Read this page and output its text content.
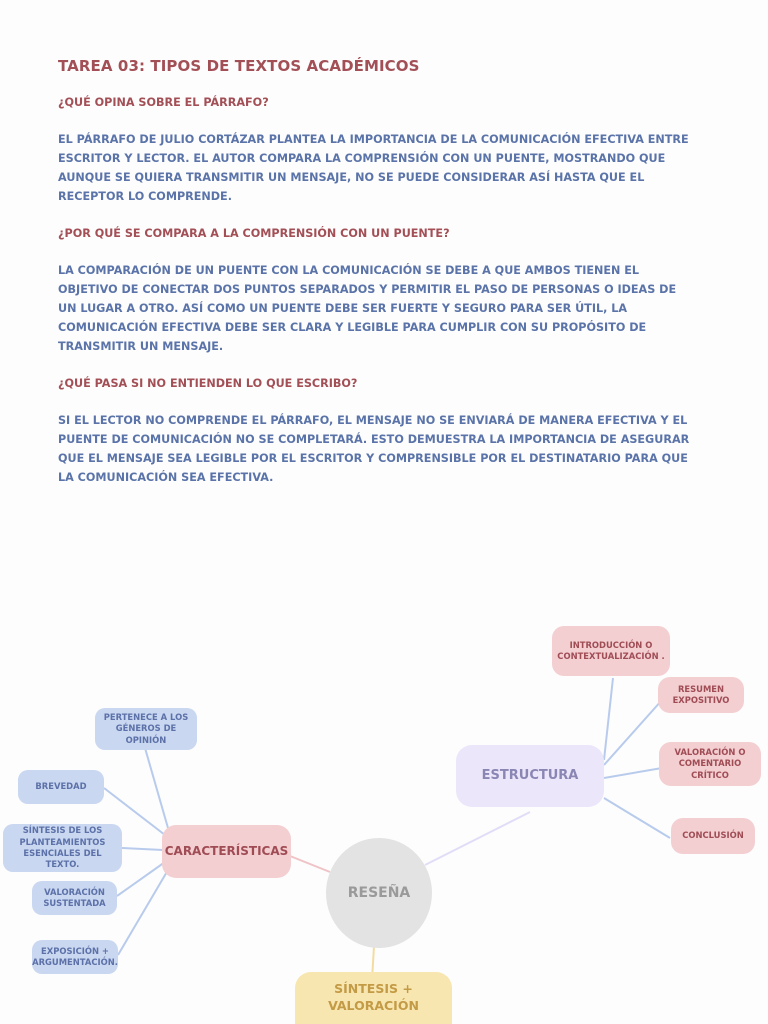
TAREA 03: TIPOS DE TEXTOS ACADÉMICOS
¿QUÉ OPINA SOBRE EL PÁRRAFO?
EL PÁRRAFO DE JULIO CORTÁZAR PLANTEA LA IMPORTANCIA DE LA COMUNICACIÓN EFECTIVA ENTRE ESCRITOR Y LECTOR. EL AUTOR COMPARA LA COMPRENSIÓN CON UN PUENTE, MOSTRANDO QUE AUNQUE SE QUIERA TRANSMITIR UN MENSAJE, NO SE PUEDE CONSIDERAR ASÍ HASTA QUE EL RECEPTOR LO COMPRENDE.
¿POR QUÉ SE COMPARA A LA COMPRENSIÓN CON UN PUENTE?
LA COMPARACIÓN DE UN PUENTE CON LA COMUNICACIÓN SE DEBE A QUE AMBOS TIENEN EL OBJETIVO DE CONECTAR DOS PUNTOS SEPARADOS Y PERMITIR EL PASO DE PERSONAS O IDEAS DE UN LUGAR A OTRO. ASÍ COMO UN PUENTE DEBE SER FUERTE Y SEGURO PARA SER ÚTIL, LA COMUNICACIÓN EFECTIVA DEBE SER CLARA Y LEGIBLE PARA CUMPLIR CON SU PROPÓSITO DE TRANSMITIR UN MENSAJE.
¿QUÉ PASA SI NO ENTIENDEN LO QUE ESCRIBO?
SI EL LECTOR NO COMPRENDE EL PÁRRAFO, EL MENSAJE NO SE ENVIARÁ DE MANERA EFECTIVA Y EL PUENTE DE COMUNICACIÓN NO SE COMPLETARÁ. ESTO DEMUESTRA LA IMPORTANCIA DE ASEGURAR QUE EL MENSAJE SEA LEGIBLE POR EL ESCRITOR Y COMPRENSIBLE POR EL DESTINATARIO PARA QUE LA COMUNICACIÓN SEA EFECTIVA.
RESEÑA
ESTRUCTURA
INTRODUCCIÓN O CONTEXTUALIZACIÓN .
RESUMEN EXPOSITIVO
VALORACIÓN O COMENTARIO CRÍTICO
CONCLUSIÓN
CARACTERÍSTICAS
PERTENECE A LOS GÉNEROS DE OPINIÓN
BREVEDAD
SÍNTESIS DE LOS PLANTEAMIENTOS ESENCIALES DEL TEXTO.
VALORACIÓN SUSTENTADA
EXPOSICIÓN + ARGUMENTACIÓN.
SÍNTESIS + VALORACIÓN
